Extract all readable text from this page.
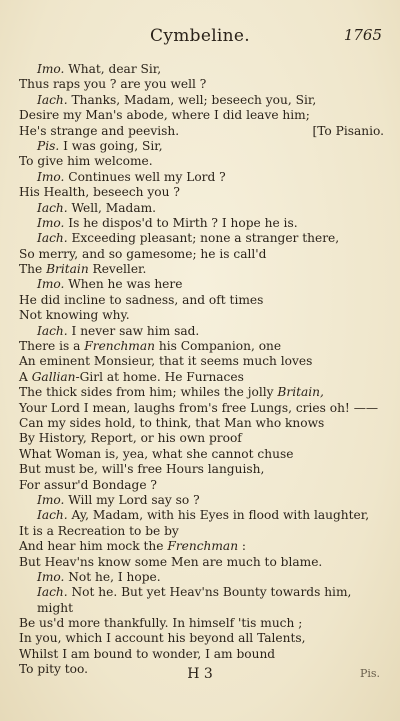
Cymbeline.	1765
Imo. What, dear Sir,
Thus raps you ? are you well ?
Iach. Thanks, Madam, well; beseech you, Sir,
Desire my Man's abode, where I did leave him;
He's strange and peevish.	[To Pisanio.
Pis. I was going, Sir,
To give him welcome.
Imo. Continues well my Lord ?
His Health, beseech you ?
Iach. Well, Madam.
Imo. Is he dispos'd to Mirth ? I hope he is.
Iach. Exceeding pleasant; none a stranger there,
So merry, and so gamesome; he is call'd
The Britain Reveller.
Imo. When he was here
He did incline to sadness, and oft times
Not knowing why.
Iach. I never saw him sad.
There is a Frenchman his Companion, one
An eminent Monsieur, that it seems much loves
A Gallian-Girl at home. He Furnaces
The thick sides from him; whiles the jolly Britain,
Your Lord I mean, laughs from's free Lungs, cries oh! ——
Can my sides hold, to think, that Man who knows
By History, Report, or his own proof
What Woman is, yea, what she cannot chuse
But must be, will's free Hours languish,
For assur'd Bondage ?
Imo. Will my Lord say so ?
Iach. Ay, Madam, with his Eyes in flood with laughter,
It is a Recreation to be by
And hear him mock the Frenchman :
But Heav'ns know some Men are much to blame.
Imo. Not he, I hope.
Iach. Not he. But yet Heav'ns Bounty towards him,
might
Be us'd more thankfully. In himself 'tis much ;
In you, which I account his beyond all Talents,
Whilst I am bound to wonder, I am bound
To pity too.	H 3	Pis.
